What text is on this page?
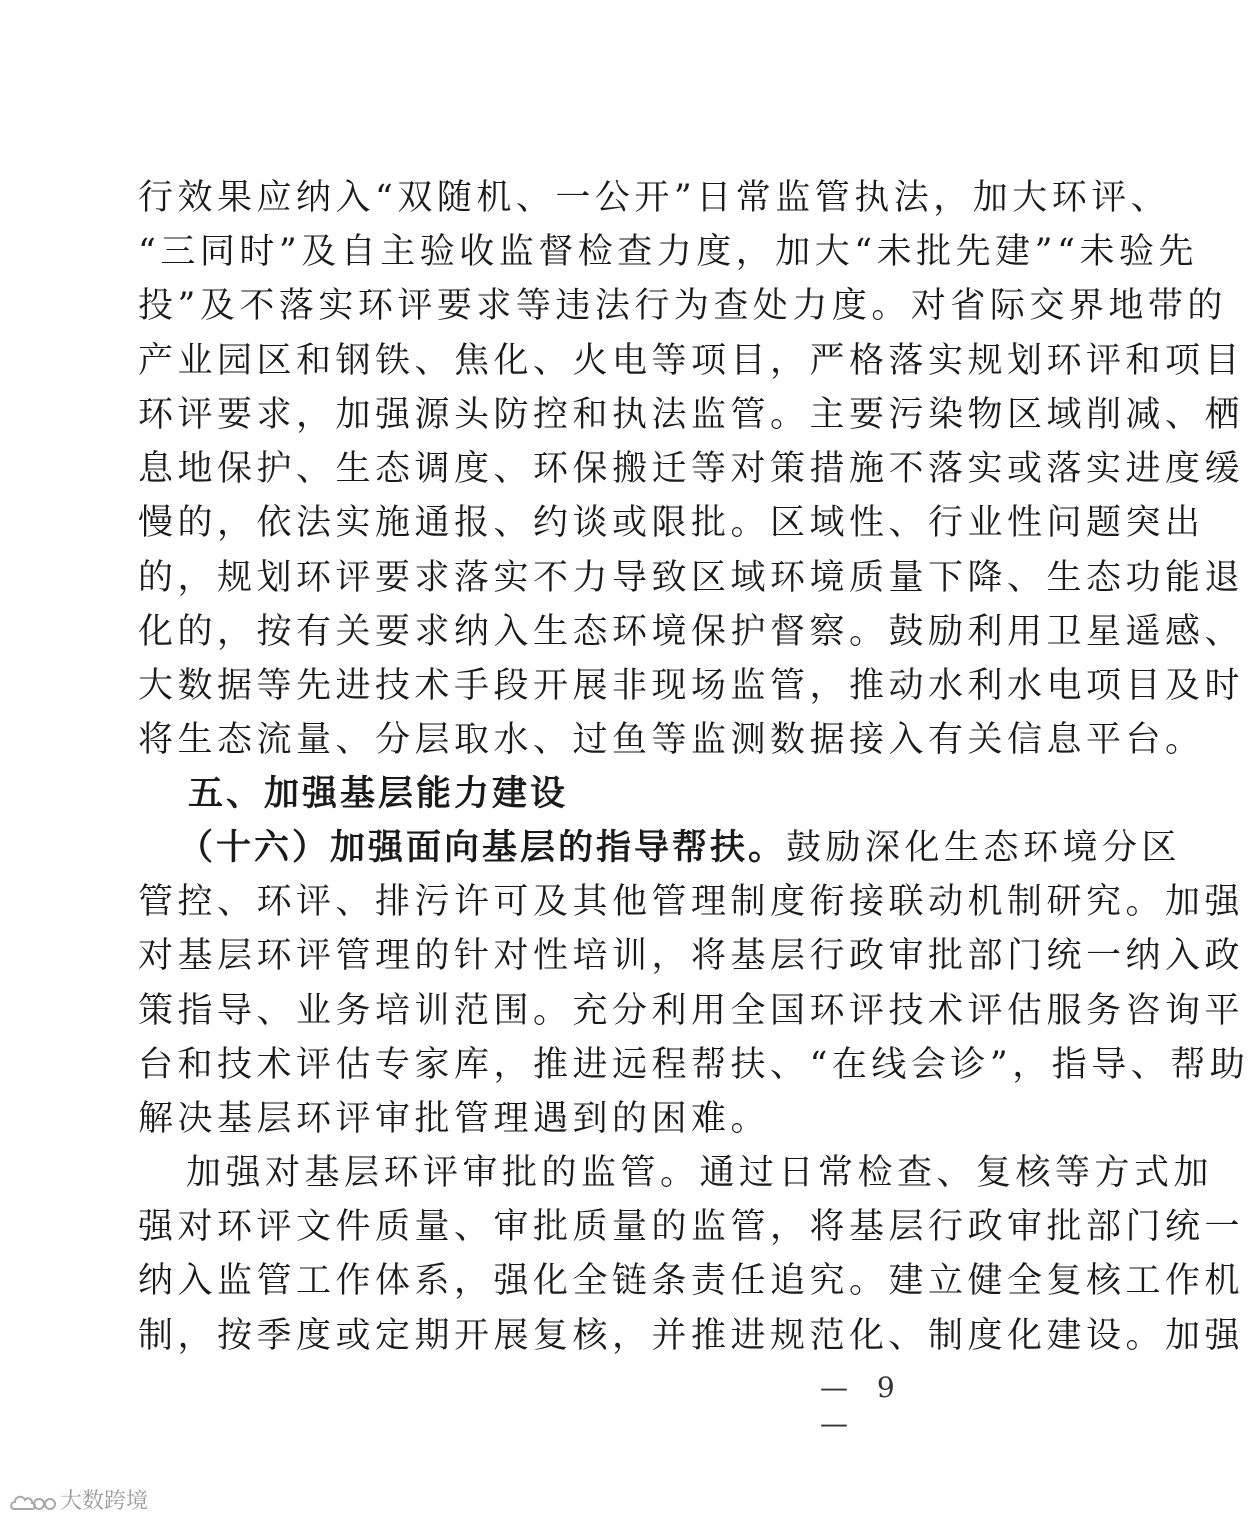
行效果应纳入“双随机、一公开”日常监管执法，加大环评、
“三同时”及自主验收监督检查力度，加大“未批先建”“未验先
投”及不落实环评要求等违法行为查处力度。对省际交界地带的
产业园区和钢铁、焦化、火电等项目，严格落实规划环评和项目
环评要求，加强源头防控和执法监管。主要污染物区域削减、栖
息地保护、生态调度、环保搬迁等对策措施不落实或落实进度缓
慢的，依法实施通报、约谈或限批。区域性、行业性问题突出
的，规划环评要求落实不力导致区域环境质量下降、生态功能退
化的，按有关要求纳入生态环境保护督察。鼓励利用卫星遥感、
大数据等先进技术手段开展非现场监管，推动水利水电项目及时
将生态流量、分层取水、过鱼等监测数据接入有关信息平台。
五、加强基层能力建设
（十六）加强面向基层的指导帮扶。鼓励深化生态环境分区
管控、环评、排污许可及其他管理制度衔接联动机制研究。加强
对基层环评管理的针对性培训，将基层行政审批部门统一纳入政
策指导、业务培训范围。充分利用全国环评技术评估服务咨询平
台和技术评估专家库，推进远程帮扶、“在线会诊”，指导、帮助
解决基层环评审批管理遇到的困难。
加强对基层环评审批的监管。通过日常检查、复核等方式加
强对环评文件质量、审批质量的监管，将基层行政审批部门统一
纳入监管工作体系，强化全链条责任追究。建立健全复核工作机
制，按季度或定期开展复核，并推进规范化、制度化建设。加强
— 9 —
大数跨境
